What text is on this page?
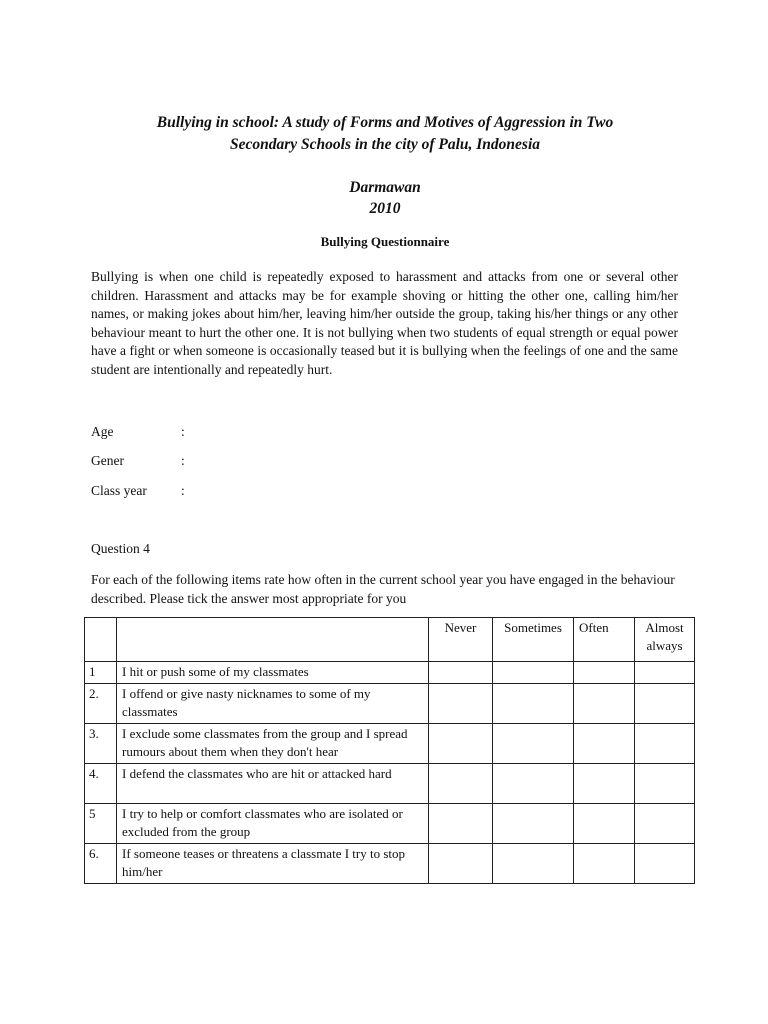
Bullying in school: A study of Forms and Motives of Aggression in Two
Secondary Schools in the city of Palu, Indonesia
Darmawan
2010
Bullying Questionnaire
Bullying is when one child is repeatedly exposed to harassment and attacks from one or several other children. Harassment and attacks may be for example shoving or hitting the other one, calling him/her names, or making jokes about him/her, leaving him/her outside the group, taking his/her things or any other behaviour meant to hurt the other one. It is not bullying when two students of equal strength or equal power have a fight or when someone is occasionally teased but it is bullying when the feelings of one and the same student are intentionally and repeatedly hurt.
Age	:
Gener	:
Class year	:
Question 4
For each of the following items rate how often in the current school year you have engaged in the behaviour described. Please tick the answer most appropriate for you
		Never	Sometimes	Often	Almost always
1	I hit or push some of my classmates				
2.	I offend or give nasty nicknames to some of my classmates				
3.	I exclude some classmates from the group and I spread rumours about them when they don't hear				
4.	I defend the classmates who are hit or attacked hard				
5	I try to help or comfort classmates who are isolated or excluded from the group				
6.	If someone teases or threatens a classmate I try to stop him/her				
